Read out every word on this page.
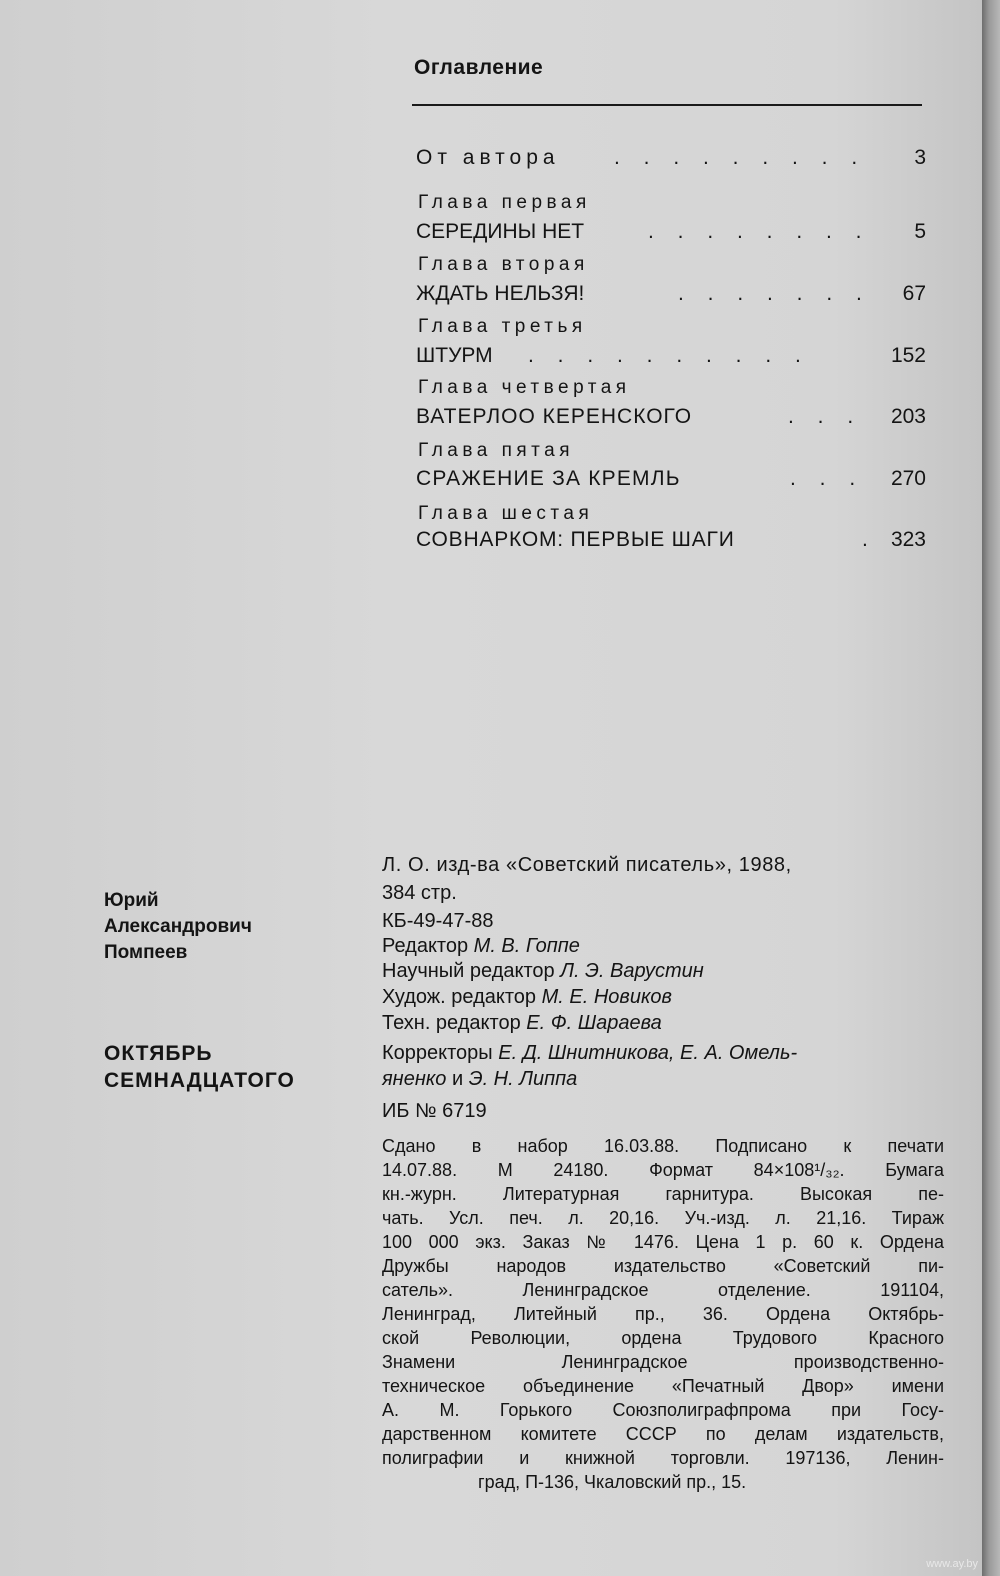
Оглавление
От автора	. . . . . . . . . 3
Глава первая
СЕРЕДИНЫ НЕТ	. . . . . . . . 5
Глава вторая
ЖДАТЬ НЕЛЬЗЯ!	. . . . . . . 67
Глава третья
ШТУРМ . . . . . . . . . .	152
Глава четвертая
ВАТЕРЛОО КЕРЕНСКОГО	. . . 203
Глава пятая
СРАЖЕНИЕ ЗА КРЕМЛЬ	. . . 270
Глава шестая
СОВНАРКОМ: ПЕРВЫЕ ШАГИ	. 323
Юрий
Александрович
Помпеев
ОКТЯБРЬ
СЕМНАДЦАТОГО
Л. О. изд-ва «Советский писатель», 1988,
384 стр.
КБ-49-47-88
Редактор М. В. Гоппе
Научный редактор Л. Э. Варустин
Худож. редактор М. Е. Новиков
Техн. редактор Е. Ф. Шараева
Корректоры Е. Д. Шнитникова, Е. А. Омель-
яненко и Э. Н. Липпа
ИБ № 6719
Сдано в набор 16.03.88. Подписано к печати
14.07.88. М 24180. Формат 84×108¹/₃₂. Бумага
кн.-журн. Литературная гарнитура. Высокая пе-
чать. Усл. печ. л. 20,16. Уч.-изд. л. 21,16. Тираж
100 000 экз. Заказ № 1476. Цена 1 р. 60 к. Ордена
Дружбы народов издательство «Советский пи-
сатель». Ленинградское отделение. 191104,
Ленинград, Литейный пр., 36. Ордена Октябрь-
ской Революции, ордена Трудового Красного
Знамени Ленинградское производственно-
техническое объединение «Печатный Двор» имени
А. М. Горького Союзполиграфпрома при Госу-
дарственном комитете СССР по делам издательств,
полиграфии и книжной торговли. 197136, Ленин-
град, П-136, Чкаловский пр., 15.
www.ay.by
